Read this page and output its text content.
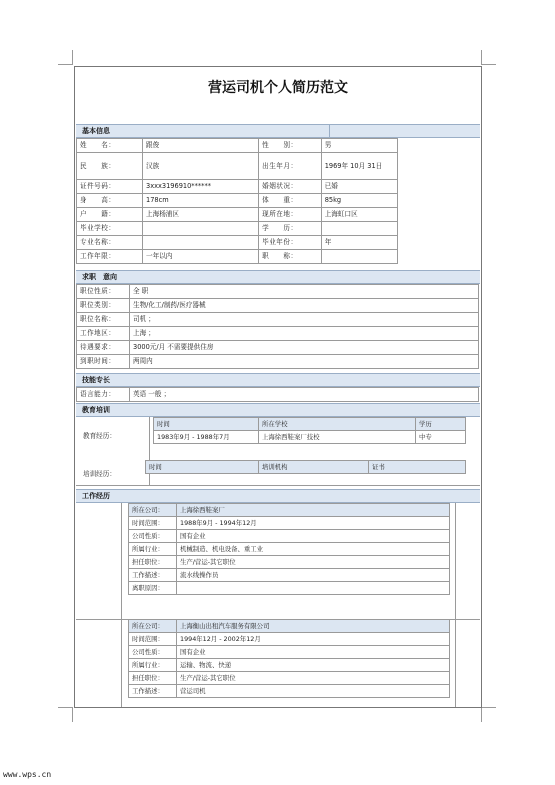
营运司机个人简历范文
基本信息
姓　　名：	跟俊	性　　别：	男
民　　族：	汉族	出生年月：	1969年 10月 31日
证件号码：	3xxx3196910******	婚姻状况：	已婚
身　　高：	178cm	体　　重：	85kg
户　　籍：	上海杨浦区	现所在地：	上海虹口区
毕业学校：		学　　历：	
专业名称：		毕业年份：	年
工作年限：	一年以内	职　　称：	
求职　意向
职位性质：	全 职
职位类别：	生物/化工/制药/医疗器械
职位名称：	司机 ；
工作地区：	上海 ；
待遇要求：	3000元/月 不需要提供住房
到职时间：	两周内
技能专长
语言能力：	英语 一般 ；
教育培训
教育经历：
时间	所在学校	学历
1983年9月 - 1988年7月	上海徐西鞋案厂技校	中专
培训经历：
时间	培训机构	证书
工作经历
所在公司：	上海徐西鞋案厂
时间范围：	1988年9月 - 1994年12月
公司性质：	国有企业
所属行业：	机械制造、机电设备、重工业
担任职位：	生产/营运-其它职位
工作描述：	流水线操作员
离职原因：	
所在公司：	上海衡山出租汽车服务有限公司
时间范围：	1994年12月 - 2002年12月
公司性质：	国有企业
所属行业：	运输、物流、快递
担任职位：	生产/营运-其它职位
工作描述：	营运司机
www.wps.cn
